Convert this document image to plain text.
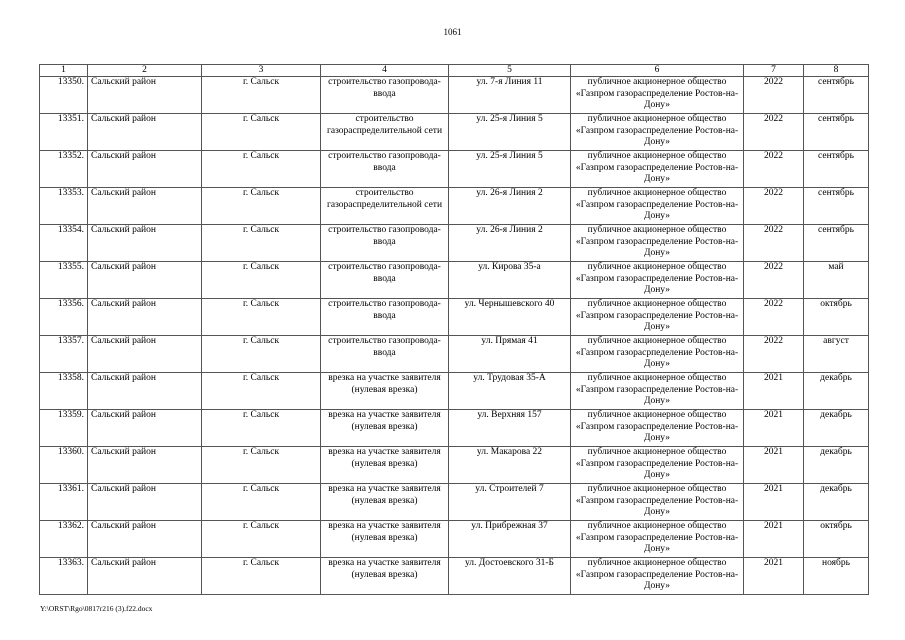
1061
1	2	3	4	5	6	7	8
13350.	Сальский район	г. Сальск	строительство газопровода-ввода	ул. 7-я Линия 11	публичное акционерное общество «Газпром газораспределение Ростов-на-Дону»	2022	сентябрь
13351.	Сальский район	г. Сальск	строительство газораспределительной сети	ул. 25-я Линия 5	публичное акционерное общество «Газпром газораспределение Ростов-на-Дону»	2022	сентябрь
13352.	Сальский район	г. Сальск	строительство газопровода-ввода	ул. 25-я Линия 5	публичное акционерное общество «Газпром газораспределение Ростов-на-Дону»	2022	сентябрь
13353.	Сальский район	г. Сальск	строительство газораспределительной сети	ул. 26-я Линия 2	публичное акционерное общество «Газпром газораспределение Ростов-на-Дону»	2022	сентябрь
13354.	Сальский район	г. Сальск	строительство газопровода-ввода	ул. 26-я Линия 2	публичное акционерное общество «Газпром газораспределение Ростов-на-Дону»	2022	сентябрь
13355.	Сальский район	г. Сальск	строительство газопровода-ввода	ул. Кирова 35-а	публичное акционерное общество «Газпром газораспределение Ростов-на-Дону»	2022	май
13356.	Сальский район	г. Сальск	строительство газопровода-ввода	ул. Чернышевского 40	публичное акционерное общество «Газпром газораспределение Ростов-на-Дону»	2022	октябрь
13357.	Сальский район	г. Сальск	строительство газопровода-ввода	ул. Прямая 41	публичное акционерное общество «Газпром газорасрпеделение Ростов-на-Дону»	2022	август
13358.	Сальский район	г. Сальск	врезка на участке заявителя (нулевая врезка)	ул. Трудовая 35-А	публичное акционерное общество «Газпром газораспределение Ростов-на-Дону»	2021	декабрь
13359.	Сальский район	г. Сальск	врезка на участке заявителя (нулевая врезка)	ул. Верхняя 157	публичное акционерное общество «Газпром газораспределение Ростов-на-Дону»	2021	декабрь
13360.	Сальский район	г. Сальск	врезка на участке заявителя (нулевая врезка)	ул. Макарова 22	публичное акционерное общество «Газпром газораспределение Ростов-на-Дону»	2021	декабрь
13361.	Сальский район	г. Сальск	врезка на участке заявителя (нулевая врезка)	ул. Строителей 7	публичное акционерное общество «Газпром газораспределение Ростов-на-Дону»	2021	декабрь
13362.	Сальский район	г. Сальск	врезка на участке заявителя (нулевая врезка)	ул. Прибрежная 37	публичное акционерное общество «Газпром газораспределение Ростов-на-Дону»	2021	октябрь
13363.	Сальский район	г. Сальск	врезка на участке заявителя (нулевая врезка)	ул. Достоевского 31-Б	публичное акционерное общество «Газпром газораспределение Ростов-на-Дону»	2021	ноябрь
Y:\ORST\Rgo\0817r216 (3).f22.docx
